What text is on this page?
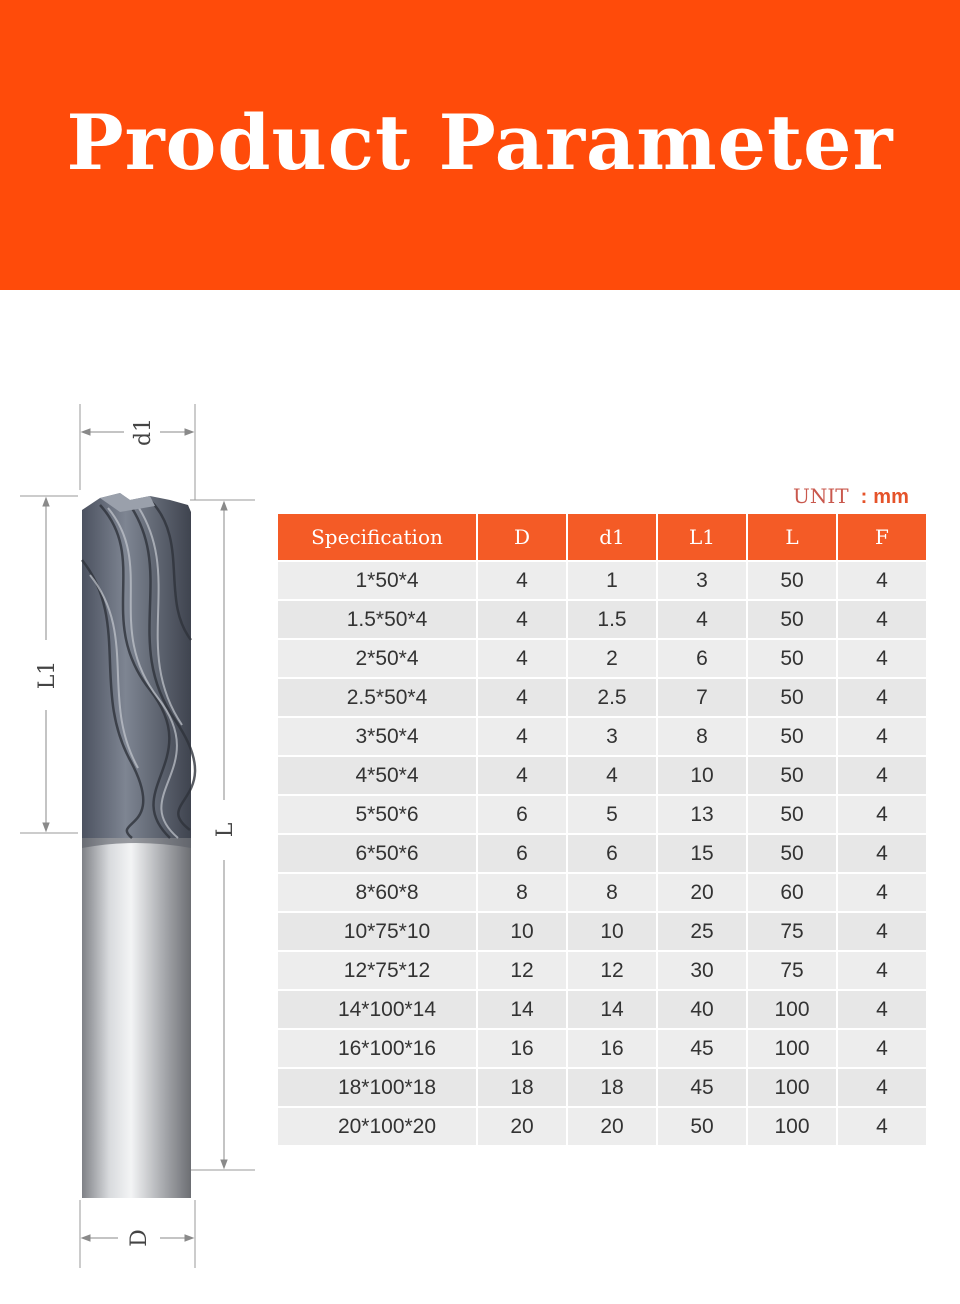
Product Parameter
d1
L1
L
D
UNIT : mm
Specification	D	d1	L1	L	F
1*50*4	4	1	3	50	4
1.5*50*4	4	1.5	4	50	4
2*50*4	4	2	6	50	4
2.5*50*4	4	2.5	7	50	4
3*50*4	4	3	8	50	4
4*50*4	4	4	10	50	4
5*50*6	6	5	13	50	4
6*50*6	6	6	15	50	4
8*60*8	8	8	20	60	4
10*75*10	10	10	25	75	4
12*75*12	12	12	30	75	4
14*100*14	14	14	40	100	4
16*100*16	16	16	45	100	4
18*100*18	18	18	45	100	4
20*100*20	20	20	50	100	4
